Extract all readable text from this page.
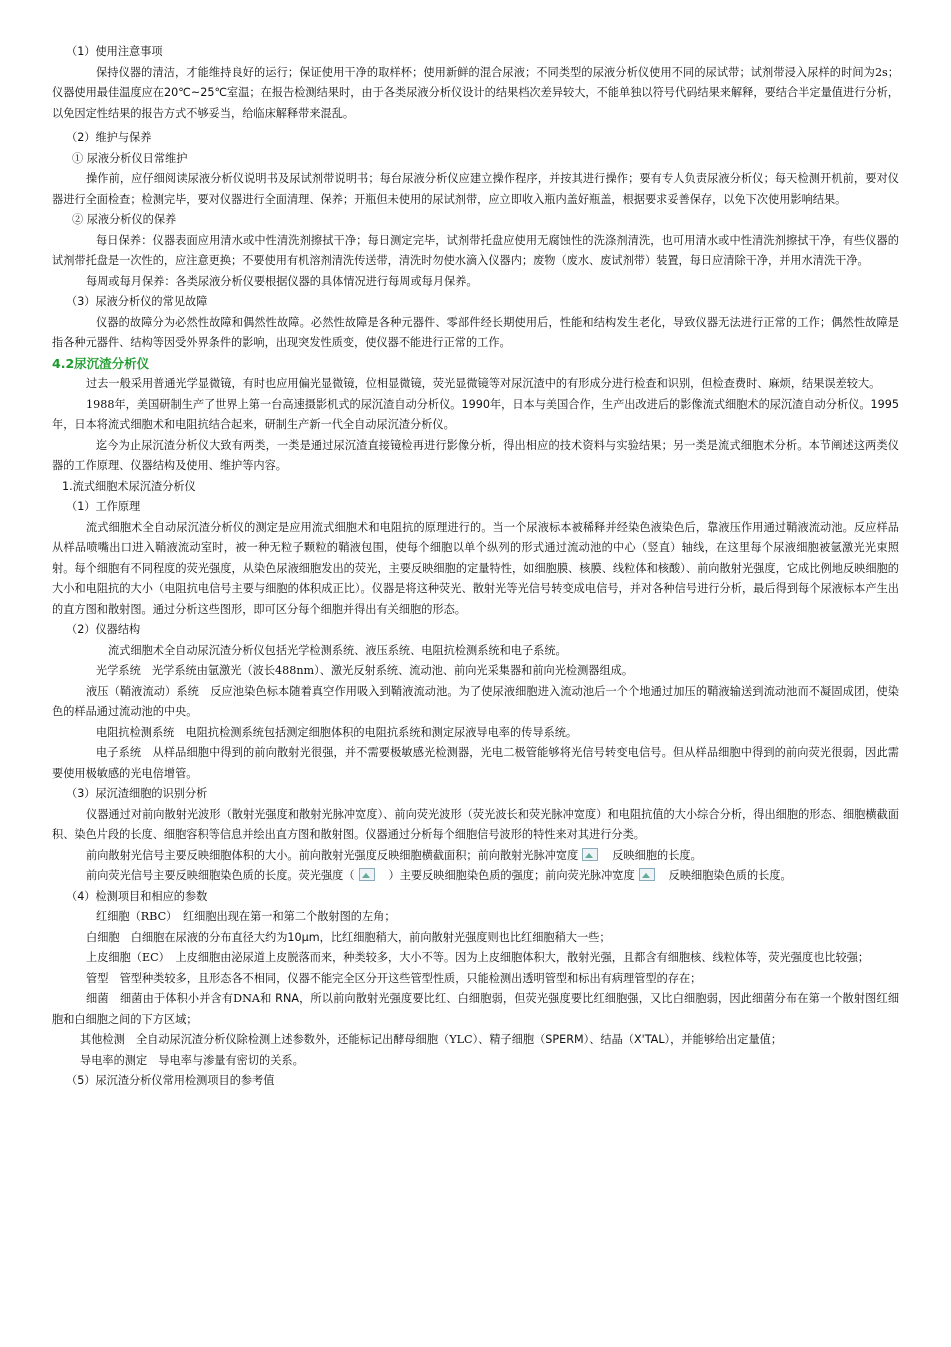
（1）使用注意事项

保持仪器的清洁，才能维持良好的运行；保证使用干净的取样杯；使用新鲜的混合尿液；不同类型的尿液分析仪使用不同的尿试带；试剂带浸入尿样的时间为2s；仪器使用最佳温度应在20℃~25℃室温；在报告检测结果时，由于各类尿液分析仪设计的结果档次差异较大，不能单独以符号代码结果来解释，要结合半定量值进行分析，以免因定性结果的报告方式不够妥当，给临床解释带来混乱。

（2）维护与保养

① 尿液分析仪日常维护

操作前，应仔细阅读尿液分析仪说明书及尿试剂带说明书；每台尿液分析仪应建立操作程序，并按其进行操作；要有专人负责尿液分析仪；每天检测开机前，要对仪器进行全面检查；检测完毕，要对仪器进行全面清理、保养；开瓶但未使用的尿试剂带，应立即收入瓶内盖好瓶盖，根据要求妥善保存，以免下次使用影响结果。

② 尿液分析仪的保养

每日保养：仪器表面应用清水或中性清洗剂擦拭干净；每日测定完毕，试剂带托盘应使用无腐蚀性的洗涤剂清洗，也可用清水或中性清洗剂擦拭干净，有些仪器的试剂带托盘是一次性的，应注意更换；不要使用有机溶剂清洗传送带，清洗时勿使水滴入仪器内；废物（废水、废试剂带）装置，每日应清除干净，并用水清洗干净。

每周或每月保养：各类尿液分析仪要根据仪器的具体情况进行每周或每月保养。

（3）尿液分析仪的常见故障

仪器的故障分为必然性故障和偶然性故障。必然性故障是各种元器件、零部件经长期使用后，性能和结构发生老化，导致仪器无法进行正常的工作；偶然性故障是指各种元器件、结构等因受外界条件的影响，出现突发性质变，使仪器不能进行正常的工作。

4.2尿沉渣分析仪

过去一般采用普通光学显微镜，有时也应用偏光显微镜，位相显微镜，荧光显微镜等对尿沉渣中的有形成分进行检查和识别，但检查费时、麻烦，结果误差较大。

1988年，美国研制生产了世界上第一台高速摄影机式的尿沉渣自动分析仪。1990年，日本与美国合作，生产出改进后的影像流式细胞术的尿沉渣自动分析仪。1995年，日本将流式细胞术和电阻抗结合起来，研制生产新一代全自动尿沉渣分析仪。

迄今为止尿沉渣分析仪大致有两类，一类是通过尿沉渣直接镜检再进行影像分析，得出相应的技术资料与实验结果；另一类是流式细胞术分析。本节阐述这两类仪器的工作原理、仪器结构及使用、维护等内容。

1.流式细胞术尿沉渣分析仪

（1）工作原理

流式细胞术全自动尿沉渣分析仪的测定是应用流式细胞术和电阻抗的原理进行的。当一个尿液标本被稀释并经染色液染色后，靠液压作用通过鞘液流动池。反应样品从样品喷嘴出口进入鞘液流动室时，被一种无粒子颗粒的鞘液包围，使每个细胞以单个纵列的形式通过流动池的中心（竖直）轴线，在这里每个尿液细胞被氩激光光束照射。每个细胞有不同程度的荧光强度，从染色尿液细胞发出的荧光，主要反映细胞的定量特性，如细胞膜、核膜、线粒体和核酸）、前向散射光强度，它成比例地反映细胞的大小和电阻抗的大小（电阻抗电信号主要与细胞的体积成正比）。仪器是将这种荧光、散射光等光信号转变成电信号，并对各种信号进行分析，最后得到每个尿液标本产生出的直方图和散射图。通过分析这些图形，即可区分每个细胞并得出有关细胞的形态。

（2）仪器结构

流式细胞术全自动尿沉渣分析仪包括光学检测系统、液压系统、电阻抗检测系统和电子系统。

光学系统　光学系统由氩激光（波长488nm）、激光反射系统、流动池、前向光采集器和前向光检测器组成。

液压（鞘液流动）系统　反应池染色标本随着真空作用吸入到鞘液流动池。为了使尿液细胞进入流动池后一个个地通过加压的鞘液输送到流动池而不凝固成团，使染色的样品通过流动池的中央。

电阻抗检测系统　电阻抗检测系统包括测定细胞体积的电阻抗系统和测定尿液导电率的传导系统。

电子系统　从样品细胞中得到的前向散射光很强，并不需要极敏感光检测器，光电二极管能够将光信号转变电信号。但从样品细胞中得到的前向荧光很弱，因此需要使用极敏感的光电倍增管。

（3）尿沉渣细胞的识别分析

仪器通过对前向散射光波形（散射光强度和散射光脉冲宽度）、前向荧光波形（荧光波长和荧光脉冲宽度）和电阻抗值的大小综合分析，得出细胞的形态、细胞横截面积、染色片段的长度、细胞容积等信息并绘出直方图和散射图。仪器通过分析每个细胞信号波形的特性来对其进行分类。

前向散射光信号主要反映细胞体积的大小。前向散射光强度反映细胞横截面积；前向散射光脉冲宽度	反映细胞的长度。

前向荧光信号主要反映细胞染色质的长度。荧光强度（	）主要反映细胞染色质的强度；前向荧光脉冲宽度	反映细胞染色质的长度。

（4）检测项目和相应的参数

红细胞（RBC）　 红细胞出现在第一和第二个散射图的左角；

白细胞　白细胞在尿液的分布直径大约为10μm，比红细胞稍大，前向散射光强度则也比红细胞稍大一些；

上皮细胞（EC）　 上皮细胞由泌尿道上皮脱落而来，种类较多，大小不等。因为上皮细胞体积大，散射光强，且都含有细胞核、线粒体等，荧光强度也比较强；

管型　管型种类较多，且形态各不相同，仪器不能完全区分开这些管型性质，只能检测出透明管型和标出有病理管型的存在；

细菌　细菌由于体积小并含有DNA和 RNA，所以前向散射光强度要比红、白细胞弱，但荧光强度要比红细胞强，又比白细胞弱，因此细菌分布在第一个散射图红细胞和白细胞之间的下方区域；

其他检测　全自动尿沉渣分析仪除检测上述参数外，还能标记出酵母细胞（YLC）、精子细胞（SPERM）、结晶（X'TAL），并能够给出定量值；

导电率的测定　导电率与渗量有密切的关系。

（5）尿沉渣分析仪常用检测项目的参考值
